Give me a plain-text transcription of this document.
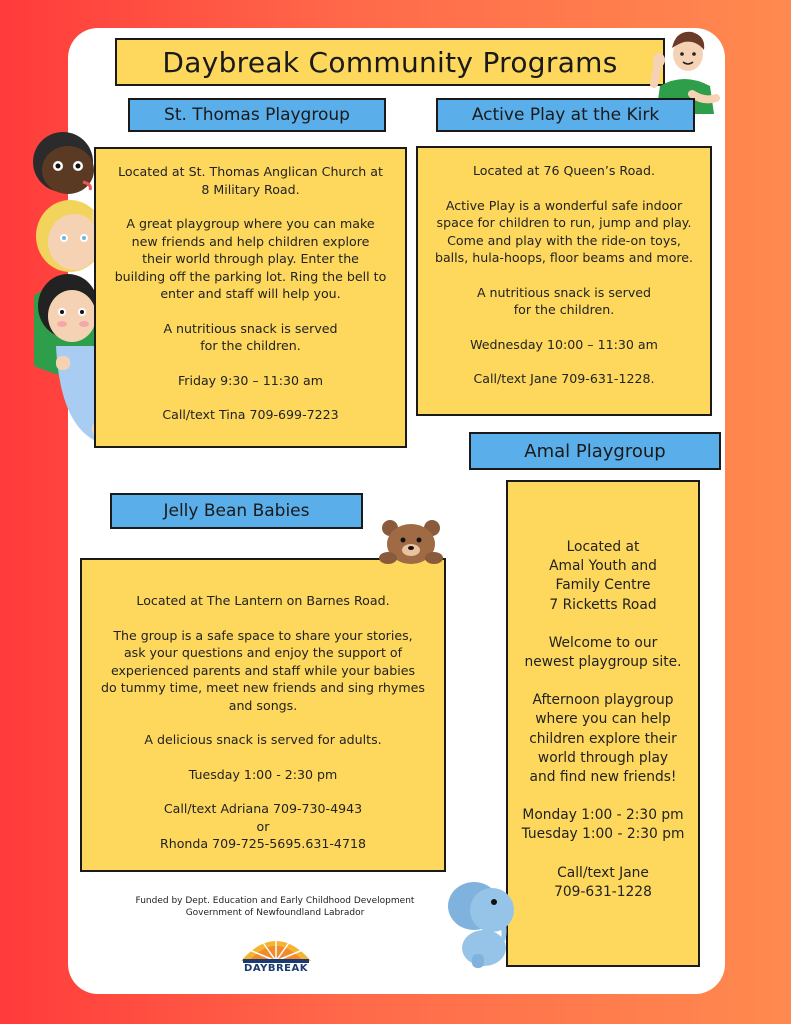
Daybreak Community Programs
St. Thomas Playgroup

Located at St. Thomas Anglican Church at
8 Military Road.

A great playgroup where you can make
new friends and help children explore
their world through play. Enter the
building off the parking lot. Ring the bell to
enter and staff will help you.

A nutritious snack is served
for the children.

Friday 9:30 – 11:30 am

Call/text Tina 709-699-7223

Active Play at the Kirk

Located at 76 Queen’s Road.

Active Play is a wonderful safe indoor
space for children to run, jump and play.
Come and play with the ride-on toys,
balls, hula-hoops, floor beams and more.

A nutritious snack is served
for the children.

Wednesday 10:00 – 11:30 am

Call/text Jane 709-631-1228.

Amal Playgroup

Located at
Amal Youth and
Family Centre
7 Ricketts Road

Welcome to our
newest playgroup site.

Afternoon playgroup
where you can help
children explore their
world through play
and find new friends!

Monday 1:00 - 2:30 pm
Tuesday 1:00 - 2:30 pm

Call/text Jane
709-631-1228

Jelly Bean Babies

Located at The Lantern on Barnes Road.

The group is a safe space to share your stories,
ask your questions and enjoy the support of
experienced parents and staff while your babies
do tummy time, meet new friends and sing rhymes
and songs.

A delicious snack is served for adults.

Tuesday 1:00 - 2:30 pm

Call/text Adriana 709-730-4943
or
Rhonda 709-725-5695.631-4718

Funded by Dept. Education and Early Childhood Development
Government of Newfoundland Labrador
DAYBREAK
